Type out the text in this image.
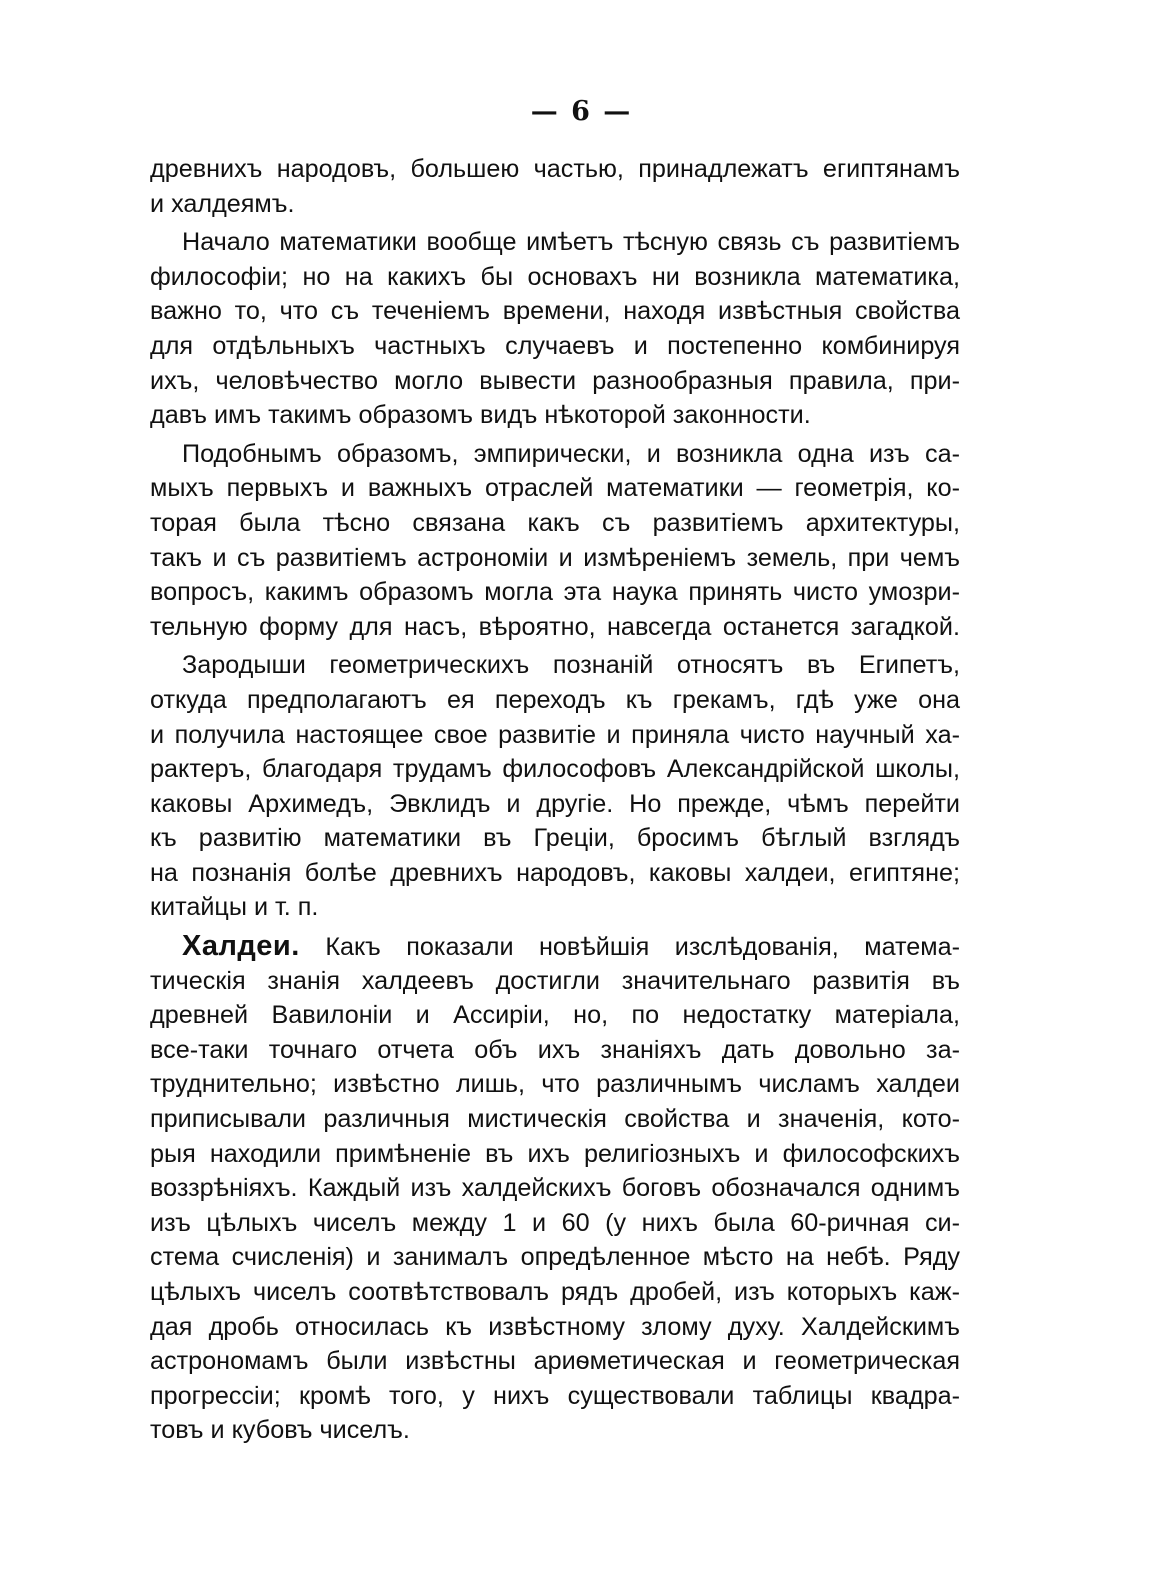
— 6 —
древнихъ народовъ, большею частью, принадлежатъ египтянамъ
и халдеямъ.
Начало математики вообще имѣетъ тѣсную связь съ развитіемъ
философіи; но на какихъ бы основахъ ни возникла математика,
важно то, что съ теченіемъ времени, находя извѣстныя свойства
для отдѣльныхъ частныхъ случаевъ и постепенно комбинируя
ихъ, человѣчество могло вывести разнообразныя правила, при-
давъ имъ такимъ образомъ видъ нѣкоторой законности.
Подобнымъ образомъ, эмпирически, и возникла одна изъ са-
мыхъ первыхъ и важныхъ отраслей математики — геометрія, ко-
торая была тѣсно связана какъ съ развитіемъ архитектуры,
такъ и съ развитіемъ астрономіи и измѣреніемъ земель, при чемъ
вопросъ, какимъ образомъ могла эта наука принять чисто умозри-
тельную форму для насъ, вѣроятно, навсегда останется загадкой.
Зародыши геометрическихъ познаній относятъ въ Египетъ,
откуда предполагаютъ ея переходъ къ грекамъ, гдѣ уже она
и получила настоящее свое развитіе и приняла чисто научный ха-
рактеръ, благодаря трудамъ философовъ Александрійской школы,
каковы Архимедъ, Эвклидъ и другіе. Но прежде, чѣмъ перейти
къ развитію математики въ Греціи, бросимъ бѣглый взглядъ
на познанія болѣе древнихъ народовъ, каковы халдеи, египтяне;
китайцы и т. п.
Халдеи. Какъ показали новѣйшія изслѣдованія, матема-
тическія знанія халдеевъ достигли значительнаго развитія въ
древней Вавилоніи и Ассиріи, но, по недостатку матеріала,
все-таки точнаго отчета объ ихъ знаніяхъ дать довольно за-
труднительно; извѣстно лишь, что различнымъ числамъ халдеи
приписывали различныя мистическія свойства и значенія, кото-
рыя находили примѣненіе въ ихъ религіозныхъ и философскихъ
воззрѣніяхъ. Каждый изъ халдейскихъ боговъ обозначался однимъ
изъ цѣлыхъ чиселъ между 1 и 60 (у нихъ была 60-ричная си-
стема счисленія) и занималъ опредѣленное мѣсто на небѣ. Ряду
цѣлыхъ чиселъ соотвѣтствовалъ рядъ дробей, изъ которыхъ каж-
дая дробь относилась къ извѣстному злому духу. Халдейскимъ
астрономамъ были извѣстны ариѳметическая и геометрическая
прогрессіи; кромѣ того, у нихъ существовали таблицы квадра-
товъ и кубовъ чиселъ.
